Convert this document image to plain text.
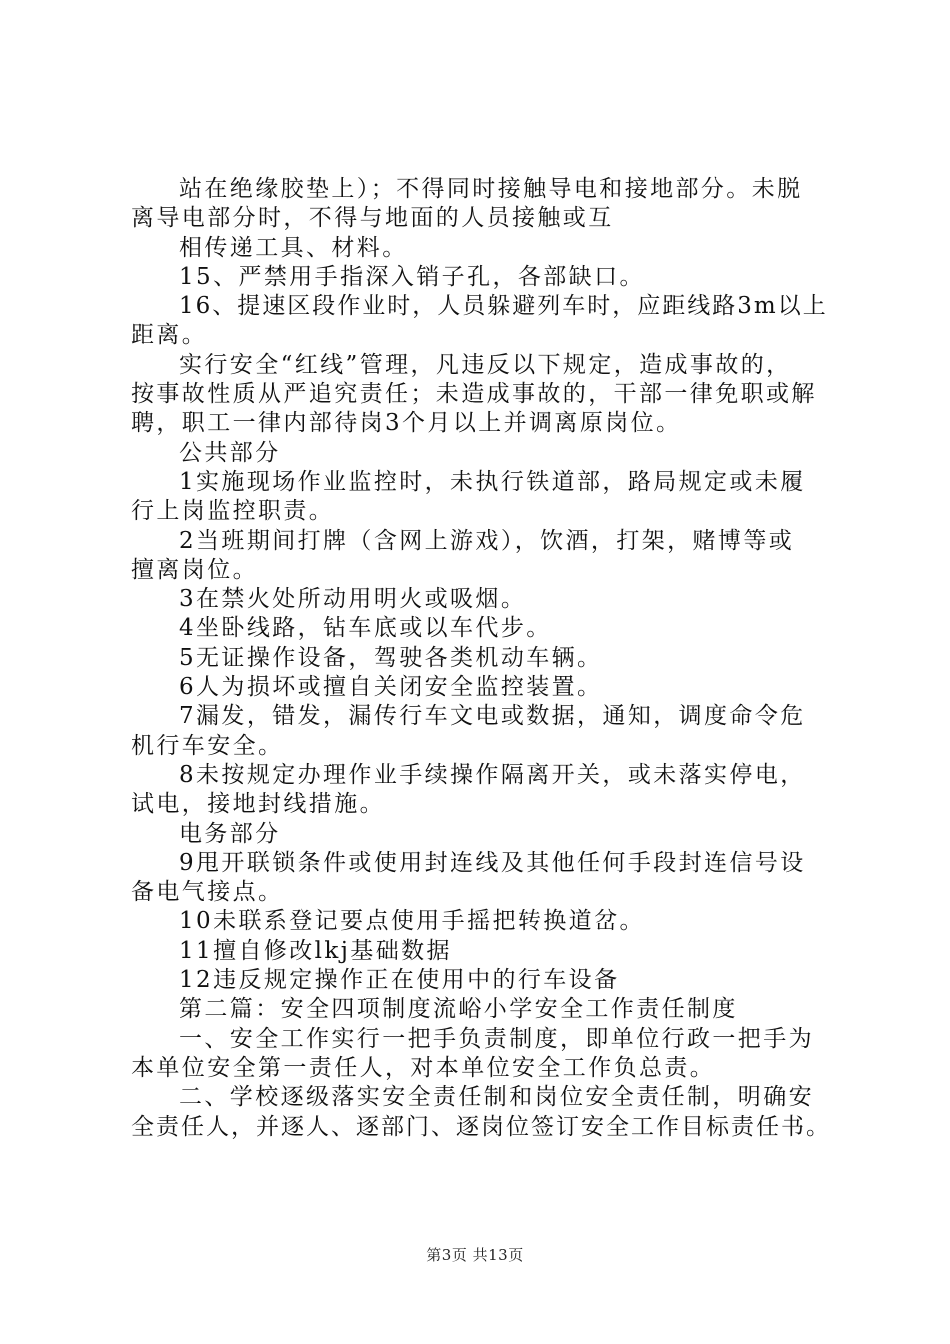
站在绝缘胶垫上）；不得同时接触导电和接地部分。未脱
离导电部分时，不得与地面的人员接触或互
相传递工具、材料。
15、严禁用手指深入销子孔，各部缺口。
16、提速区段作业时，人员躲避列车时，应距线路3m以上
距离。
实行安全“红线”管理，凡违反以下规定，造成事故的，
按事故性质从严追究责任；未造成事故的，干部一律免职或解
聘，职工一律内部待岗3个月以上并调离原岗位。
公共部分
1实施现场作业监控时，未执行铁道部，路局规定或未履
行上岗监控职责。
2当班期间打牌（含网上游戏），饮酒，打架，赌博等或
擅离岗位。
3在禁火处所动用明火或吸烟。
4坐卧线路，钻车底或以车代步。
5无证操作设备，驾驶各类机动车辆。
6人为损坏或擅自关闭安全监控装置。
7漏发，错发，漏传行车文电或数据，通知，调度命令危
机行车安全。
8未按规定办理作业手续操作隔离开关，或未落实停电，
试电，接地封线措施。
电务部分
9甩开联锁条件或使用封连线及其他任何手段封连信号设
备电气接点。
10未联系登记要点使用手摇把转换道岔。
11擅自修改lkj基础数据
12违反规定操作正在使用中的行车设备
第二篇：安全四项制度流峪小学安全工作责任制度
一、安全工作实行一把手负责制度，即单位行政一把手为
本单位安全第一责任人，对本单位安全工作负总责。
二、学校逐级落实安全责任制和岗位安全责任制，明确安
全责任人，并逐人、逐部门、逐岗位签订安全工作目标责任书。
第3页 共13页
